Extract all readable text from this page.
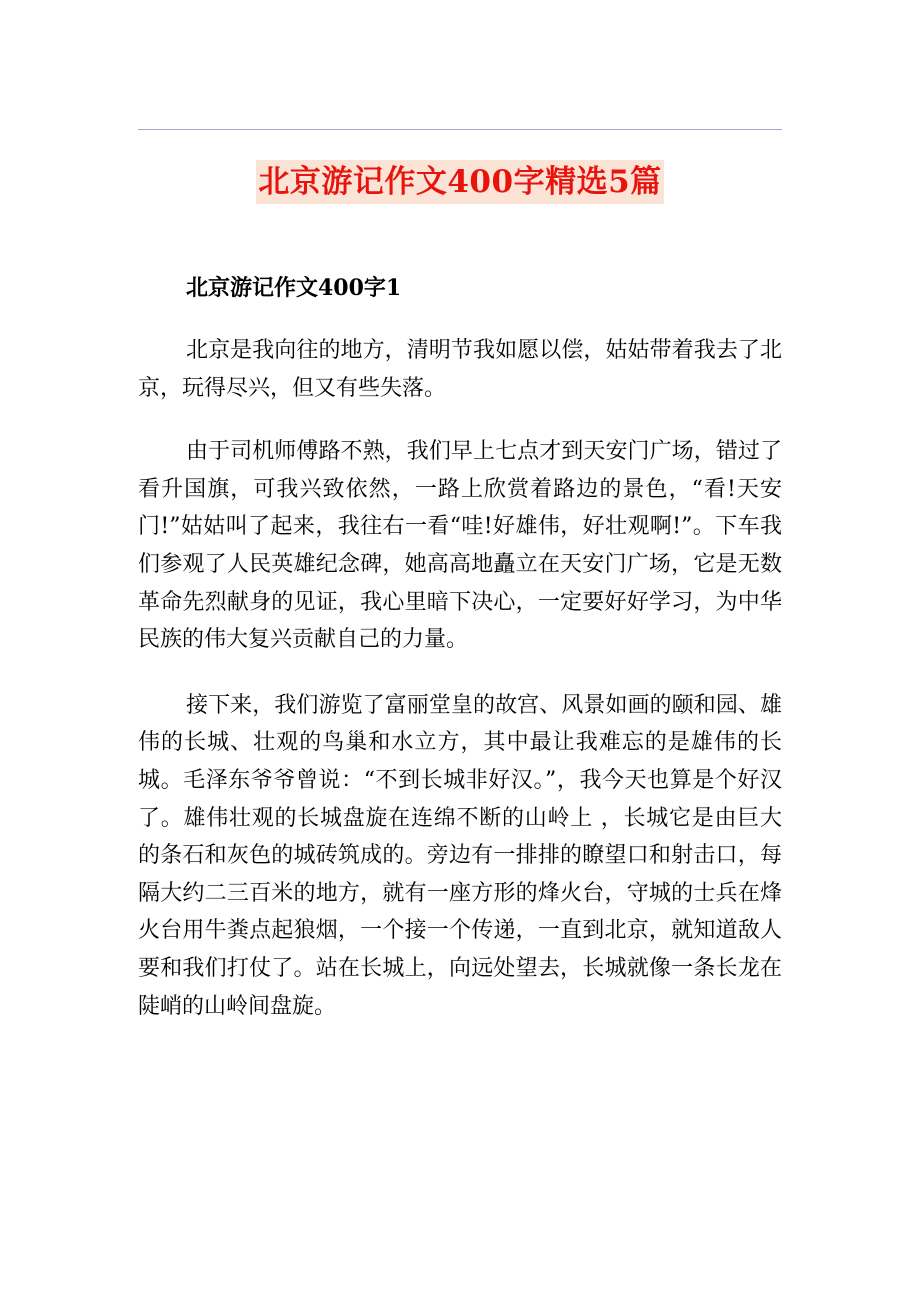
北京游记作文400字精选5篇

北京游记作文400字1

北京是我向往的地方，清明节我如愿以偿，姑姑带着我去了北京，玩得尽兴，但又有些失落。

由于司机师傅路不熟，我们早上七点才到天安门广场，错过了看升国旗，可我兴致依然，一路上欣赏着路边的景色，“看!天安门!”姑姑叫了起来，我往右一看“哇!好雄伟，好壮观啊!”。下车我们参观了人民英雄纪念碑，她高高地矗立在天安门广场，它是无数革命先烈献身的见证，我心里暗下决心，一定要好好学习，为中华民族的伟大复兴贡献自己的力量。

接下来，我们游览了富丽堂皇的故宫、风景如画的颐和园、雄伟的长城、壮观的鸟巢和水立方，其中最让我难忘的是雄伟的长城。毛泽东爷爷曾说：“不到长城非好汉。”，我今天也算是个好汉了。雄伟壮观的长城盘旋在连绵不断的山岭上 ，长城它是由巨大的条石和灰色的城砖筑成的。旁边有一排排的瞭望口和射击口，每隔大约二三百米的地方，就有一座方形的烽火台，守城的士兵在烽火台用牛粪点起狼烟，一个接一个传递，一直到北京，就知道敌人要和我们打仗了。站在长城上，向远处望去，长城就像一条长龙在陡峭的山岭间盘旋。
